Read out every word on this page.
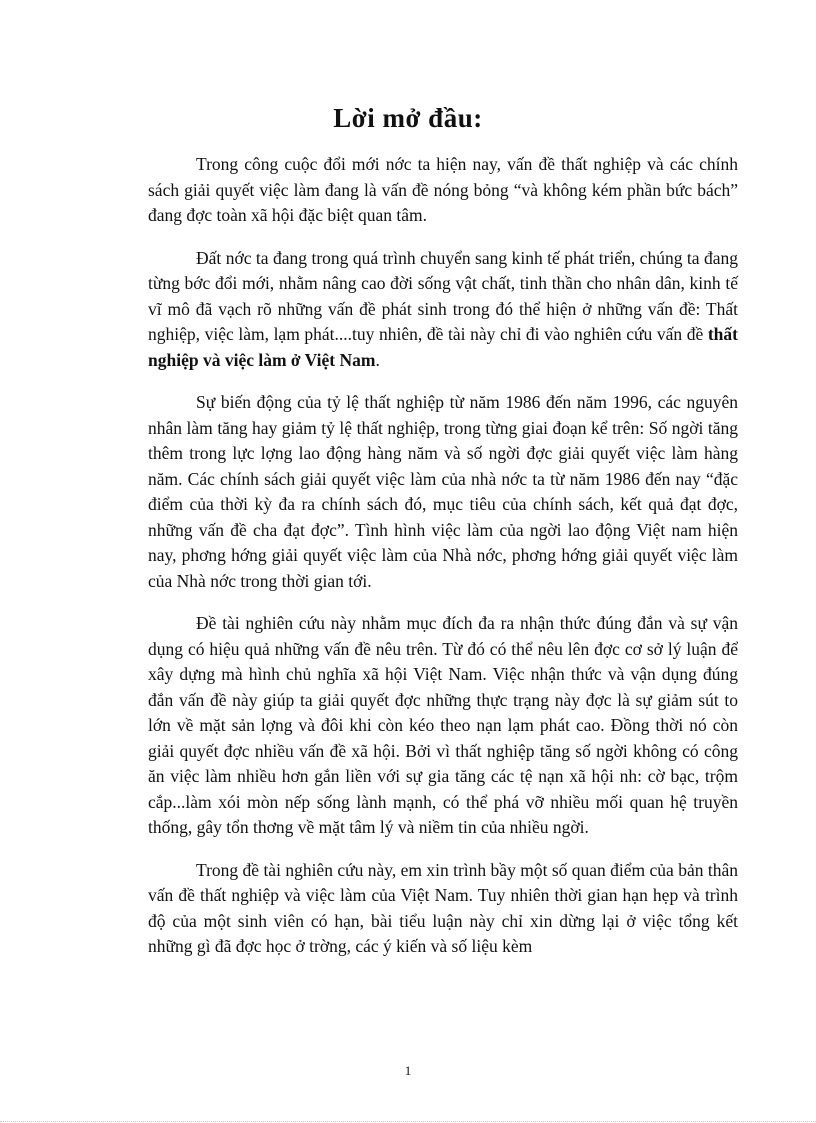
Lời mở đầu:

Trong công cuộc đổi mới nớc ta hiện nay, vấn đề thất nghiệp và các chính sách giải quyết việc làm đang là vấn đề nóng bỏng “và không kém phần bức bách” đang đợc toàn xã hội đặc biệt quan tâm.

Đất nớc ta đang trong quá trình chuyển sang kinh tế phát triển, chúng ta đang từng bớc đổi mới, nhằm nâng cao đời sống vật chất, tinh thần cho nhân dân, kinh tế vĩ mô đã vạch rõ những vấn đề phát sinh trong đó thể hiện ở những vấn đề: Thất nghiệp, việc làm, lạm phát....tuy nhiên, đề tài này chỉ đi vào nghiên cứu vấn đề thất nghiệp và việc làm ở Việt Nam.

Sự biến động của tỷ lệ thất nghiệp từ năm 1986 đến năm 1996, các nguyên nhân làm tăng hay giảm tỷ lệ thất nghiệp, trong từng giai đoạn kể trên: Số ngời tăng thêm trong lực lợng lao động hàng năm và số ngời đợc giải quyết việc làm hàng năm. Các chính sách giải quyết việc làm của nhà nớc ta từ năm 1986 đến nay “đặc điểm của thời kỳ đa ra chính sách đó, mục tiêu của chính sách, kết quả đạt đợc, những vấn đề cha đạt đợc”. Tình hình việc làm của ngời lao động Việt nam hiện nay, phơng hớng giải quyết việc làm của Nhà nớc, phơng hớng giải quyết việc làm của Nhà nớc trong thời gian tới.

Đề tài nghiên cứu này nhằm mục đích đa ra nhận thức đúng đắn và sự vận dụng có hiệu quả những vấn đề nêu trên. Từ đó có thể nêu lên đợc cơ sở lý luận để xây dựng mà hình chủ nghĩa xã hội Việt Nam. Việc nhận thức và vận dụng đúng đắn vấn đề này giúp ta giải quyết đợc những thực trạng này đợc là sự giảm sút to lớn về mặt sản lợng và đôi khi còn kéo theo nạn lạm phát cao. Đồng thời nó còn giải quyết đợc nhiều vấn đề xã hội. Bởi vì thất nghiệp tăng số ngời không có công ăn việc làm nhiều hơn gắn liền với sự gia tăng các tệ nạn xã hội nh: cờ bạc, trộm cắp...làm xói mòn nếp sống lành mạnh, có thể phá vỡ nhiều mối quan hệ truyền thống, gây tổn thơng về mặt tâm lý và niềm tin của nhiều ngời.

Trong đề tài nghiên cứu này, em xin trình bầy một số quan điểm của bản thân vấn đề thất nghiệp và việc làm của Việt Nam. Tuy nhiên thời gian hạn hẹp và trình độ của một sinh viên có hạn, bài tiểu luận này chỉ xin dừng lại ở việc tổng kết những gì đã đợc học ở trờng, các ý kiến và số liệu kèm

1
